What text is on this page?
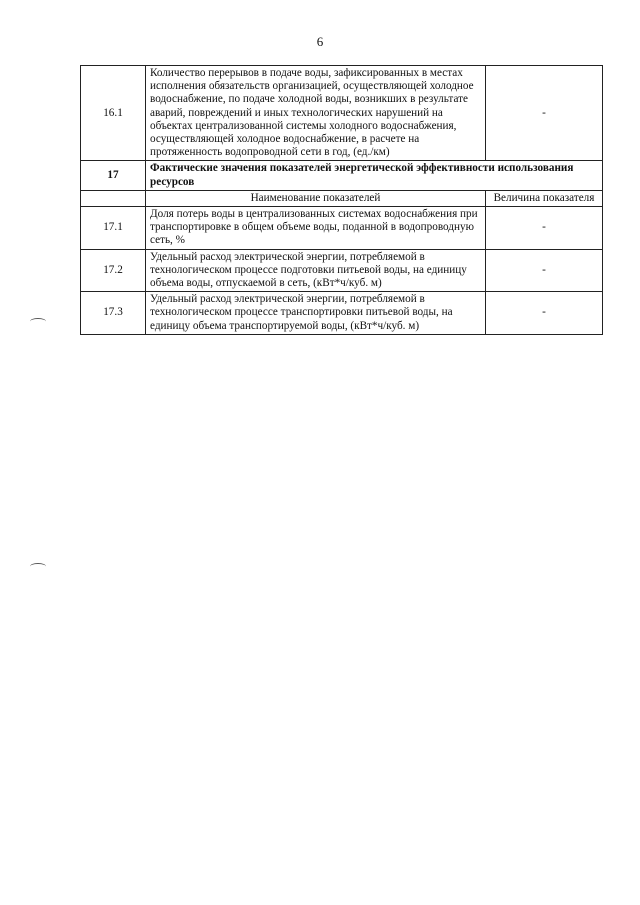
6
16.1	Количество перерывов в подаче воды, зафиксированных в местах исполнения обязательств организацией, осуществляющей холодное водоснабжение, по подаче холодной воды, возникших в результате аварий, повреждений и иных технологических нарушений на объектах централизованной системы холодного водоснабжения, осуществляющей холодное водоснабжение, в расчете на протяженность водопроводной сети в год, (ед./км)	-
17	Фактические значения показателей энергетической эффективности использования ресурсов	
	Наименование показателей	Величина показателя
17.1	Доля потерь воды в централизованных системах водоснабжения при транспортировке в общем объеме воды, поданной в водопроводную сеть, %	-
17.2	Удельный расход электрической энергии, потребляемой в технологическом процессе подготовки питьевой воды, на единицу объема воды, отпускаемой в сеть, (кВт*ч/куб. м)	-
17.3	Удельный расход электрической энергии, потребляемой в технологическом процессе транспортировки питьевой воды, на единицу объема транспортируемой воды, (кВт*ч/куб. м)	-
